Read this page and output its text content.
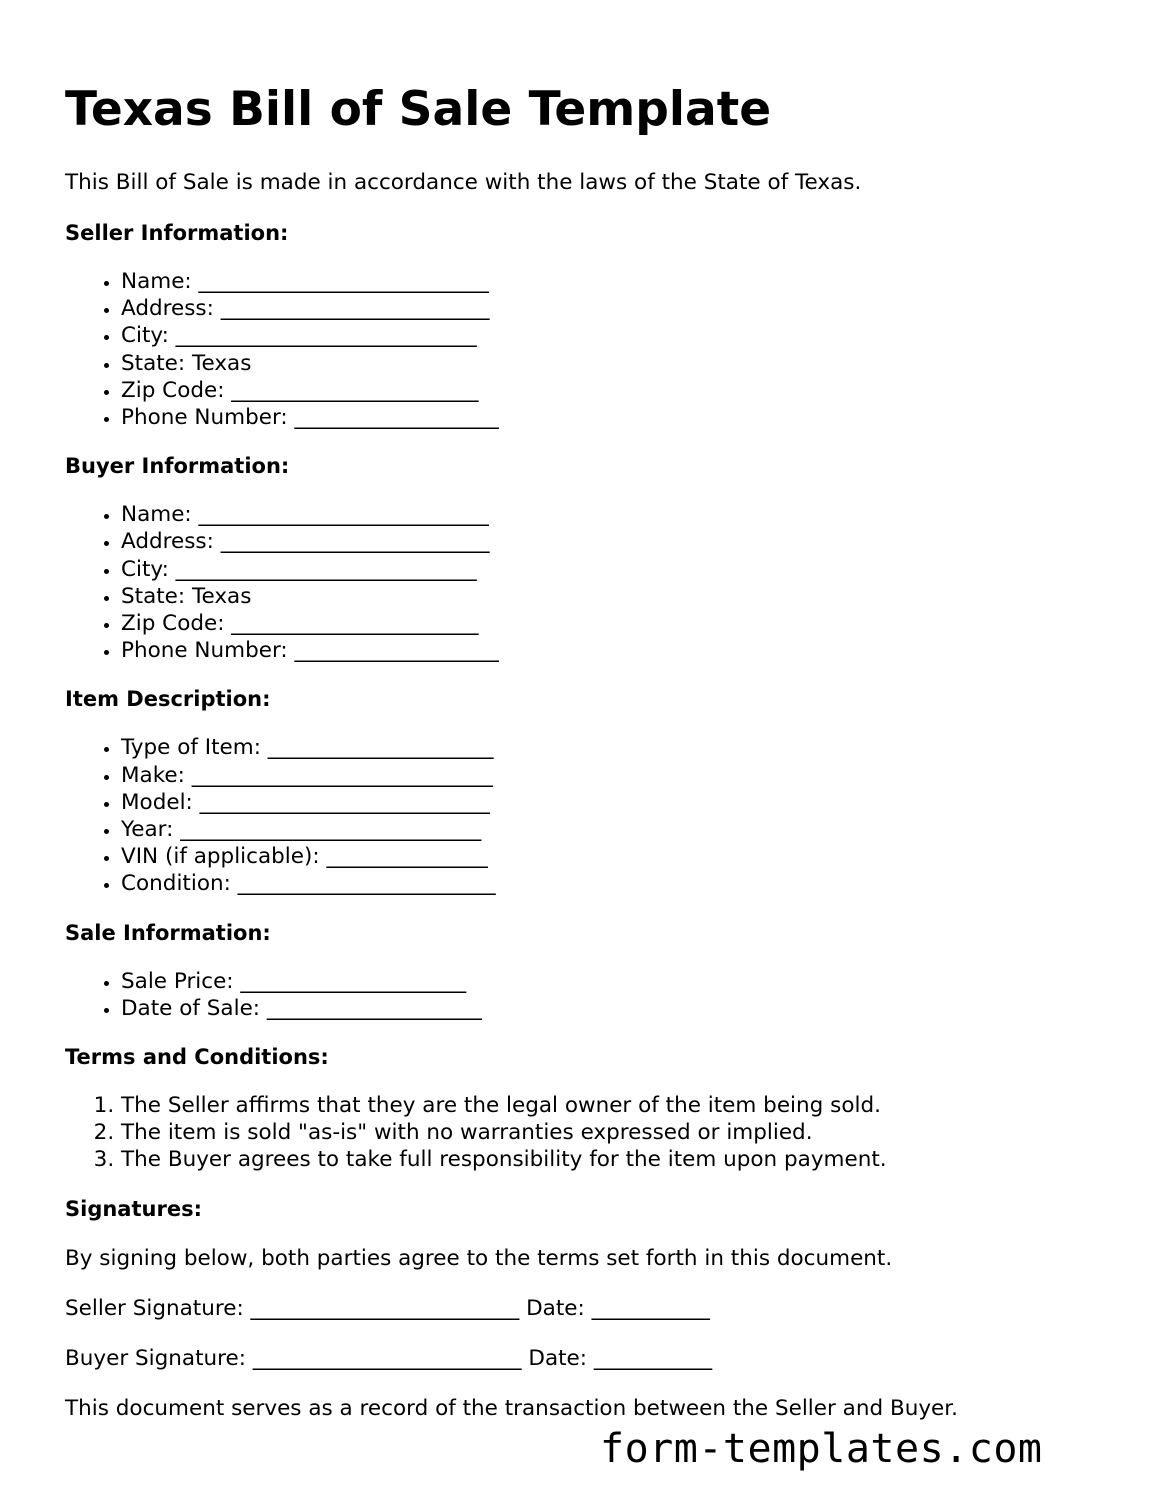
Texas Bill of Sale Template

This Bill of Sale is made in accordance with the laws of the State of Texas.

Seller Information:
• Name: ___________________________
• Address: _________________________
• City: ____________________________
• State: Texas
• Zip Code: _______________________
• Phone Number: ___________________
Buyer Information:
• Name: ___________________________
• Address: _________________________
• City: ____________________________
• State: Texas
• Zip Code: _______________________
• Phone Number: ___________________
Item Description:
• Type of Item: _____________________
• Make: ____________________________
• Model: ___________________________
• Year: ____________________________
• VIN (if applicable): _______________
• Condition: ________________________
Sale Information:
• Sale Price: _____________________
• Date of Sale: ____________________
Terms and Conditions:
1. The Seller affirms that they are the legal owner of the item being sold.
2. The item is sold "as-is" with no warranties expressed or implied.
3. The Buyer agrees to take full responsibility for the item upon payment.
Signatures:

By signing below, both parties agree to the terms set forth in this document.

Seller Signature: _________________________ Date: ___________

Buyer Signature: _________________________ Date: ___________

This document serves as a record of the transaction between the Seller and Buyer.

form-templates.com
